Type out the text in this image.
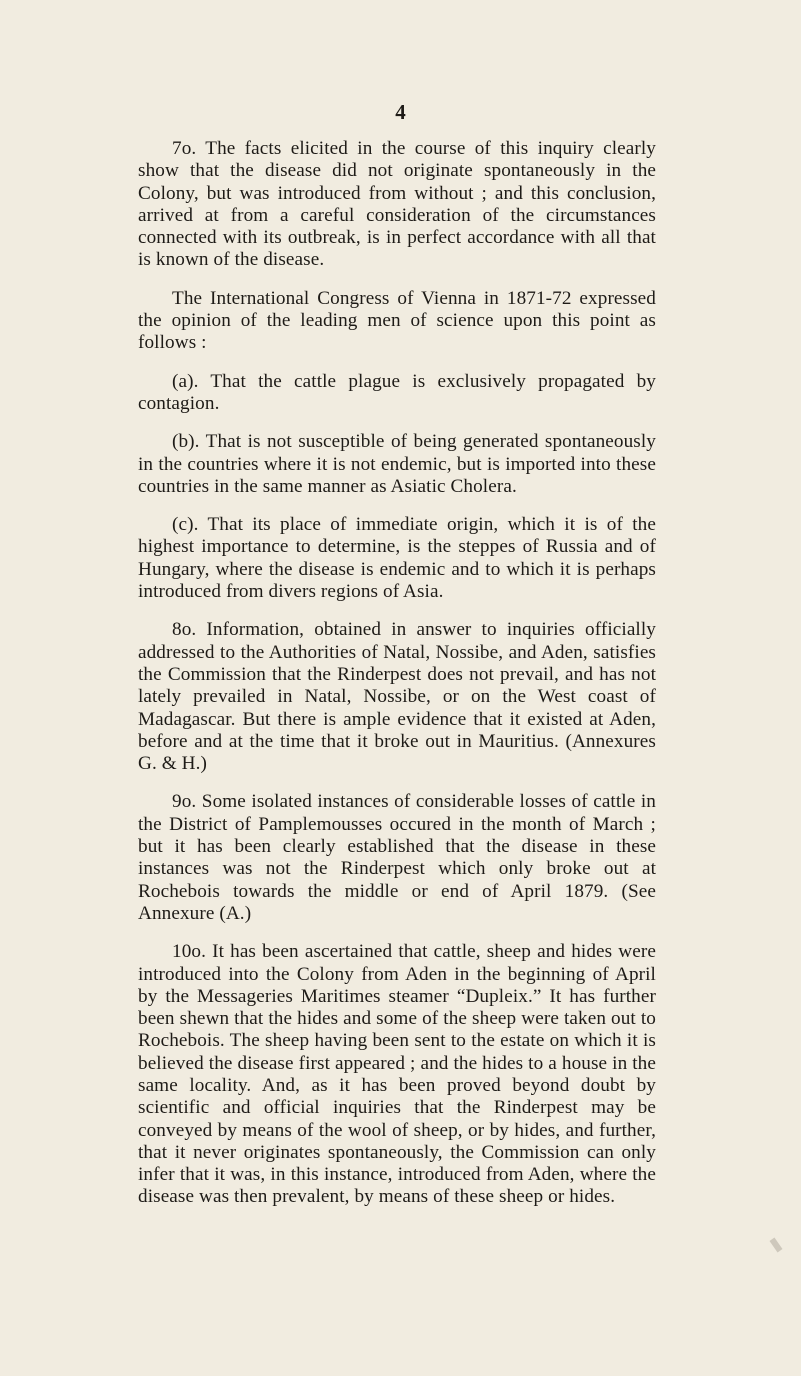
4

7o. The facts elicited in the course of this inquiry clearly show that the disease did not originate spontaneously in the Colony, but was introduced from without ; and this conclusion, arrived at from a careful consideration of the circumstances connected with its outbreak, is in perfect accordance with all that is known of the disease.

The International Congress of Vienna in 1871-72 expressed the opinion of the leading men of science upon this point as follows :

(a). That the cattle plague is exclusively propagated by contagion.

(b). That is not susceptible of being generated spontaneously in the countries where it is not endemic, but is imported into these countries in the same manner as Asiatic Cholera.

(c). That its place of immediate origin, which it is of the highest importance to determine, is the steppes of Russia and of Hungary, where the disease is endemic and to which it is perhaps introduced from divers regions of Asia.

8o. Information, obtained in answer to inquiries officially addressed to the Authorities of Natal, Nossibe, and Aden, satisfies the Commission that the Rinderpest does not prevail, and has not lately prevailed in Natal, Nossibe, or on the West coast of Madagascar. But there is ample evidence that it existed at Aden, before and at the time that it broke out in Mauritius. (Annexures G. & H.)

9o. Some isolated instances of considerable losses of cattle in the District of Pamplemousses occured in the month of March ; but it has been clearly established that the disease in these instances was not the Rinderpest which only broke out at Rochebois towards the middle or end of April 1879. (See Annexure (A.)

10o. It has been ascertained that cattle, sheep and hides were introduced into the Colony from Aden in the beginning of April by the Messageries Maritimes steamer “Dupleix.” It has further been shewn that the hides and some of the sheep were taken out to Rochebois. The sheep having been sent to the estate on which it is believed the disease first appeared ; and the hides to a house in the same locality. And, as it has been proved beyond doubt by scientific and official inquiries that the Rinderpest may be conveyed by means of the wool of sheep, or by hides, and further, that it never originates spontaneously, the Commission can only infer that it was, in this instance, introduced from Aden, where the disease was then prevalent, by means of these sheep or hides.
